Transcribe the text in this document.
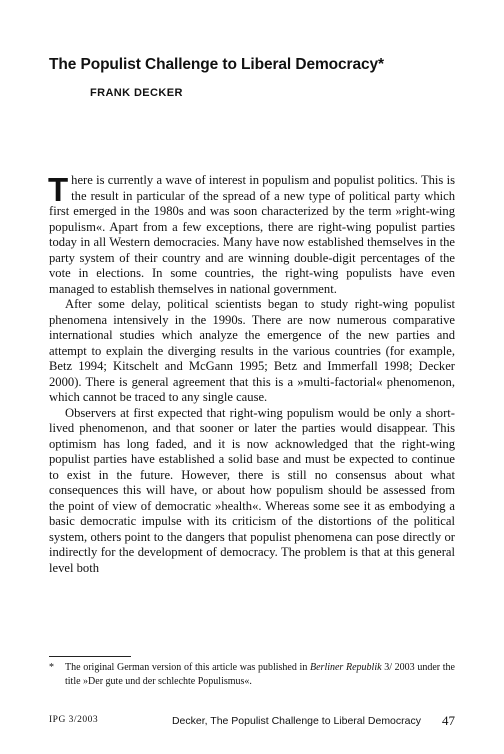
The Populist Challenge to Liberal Democracy*
FRANK DECKER

There is currently a wave of interest in populism and populist politics. This is the result in particular of the spread of a new type of political party which first emerged in the 1980s and was soon characterized by the term »right-wing populism«. Apart from a few exceptions, there are right-wing populist parties today in all Western democracies. Many have now established themselves in the party system of their country and are winning double-digit percentages of the vote in elections. In some countries, the right-wing populists have even managed to establish themselves in national government.

After some delay, political scientists began to study right-wing populist phenomena intensively in the 1990s. There are now numerous comparative international studies which analyze the emergence of the new parties and attempt to explain the diverging results in the various countries (for example, Betz 1994; Kitschelt and McGann 1995; Betz and Immerfall 1998; Decker 2000). There is general agreement that this is a »multi-factorial« phenomenon, which cannot be traced to any single cause.

Observers at first expected that right-wing populism would be only a short-lived phenomenon, and that sooner or later the parties would disappear. This optimism has long faded, and it is now acknowledged that the right-wing populist parties have established a solid base and must be expected to continue to exist in the future. However, there is still no consensus about what consequences this will have, or about how populism should be assessed from the point of view of democratic »health«. Whereas some see it as embodying a basic democratic impulse with its criticism of the distortions of the political system, others point to the dangers that populist phenomena can pose directly or indirectly for the development of democracy. The problem is that at this general level both

* The original German version of this article was published in Berliner Republik 3/ 2003 under the title »Der gute und der schlechte Populismus«.
IPG 3/2003	Decker, The Populist Challenge to Liberal Democracy 47
